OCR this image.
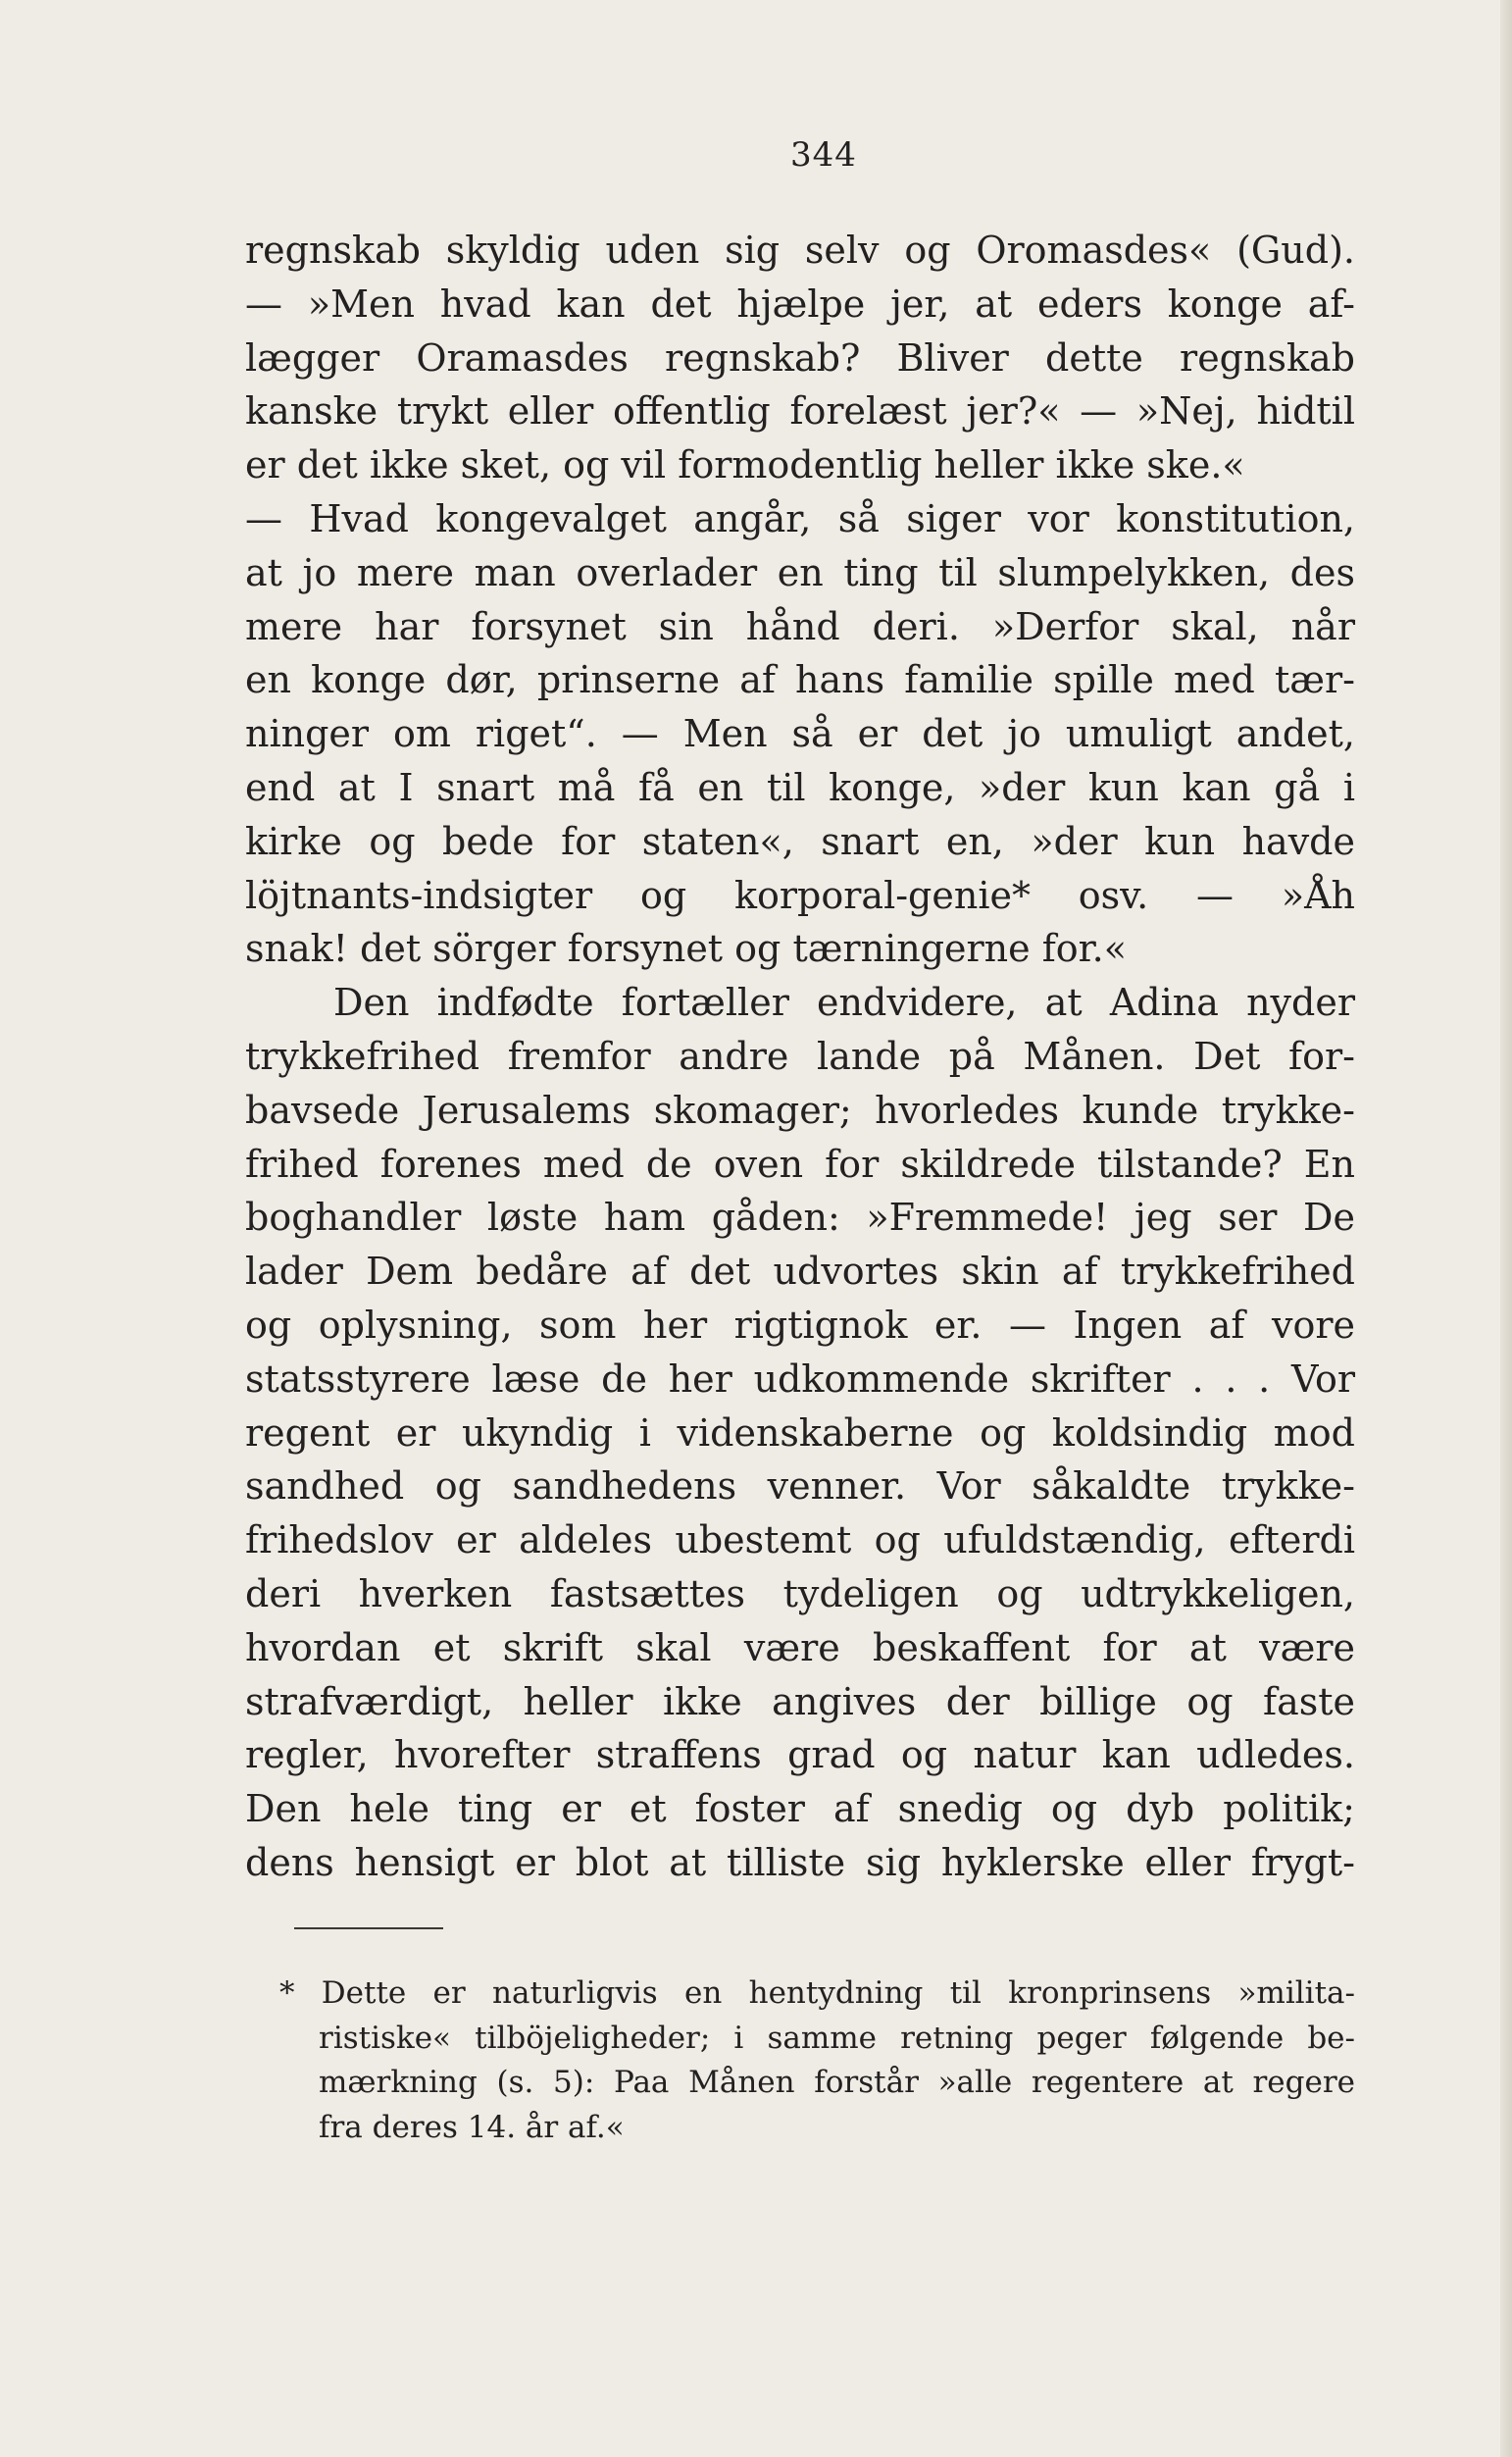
344
regnskab skyldig uden sig selv og Oromasdes« (Gud).
— »Men hvad kan det hjælpe jer, at eders konge af-
lægger Oramasdes regnskab? Bliver dette regnskab
kanske trykt eller offentlig forelæst jer?« — »Nej, hidtil
er det ikke sket, og vil formodentlig heller ikke ske.«
— Hvad kongevalget angår, så siger vor konstitution,
at jo mere man overlader en ting til slumpelykken, des
mere har forsynet sin hånd deri. »Derfor skal, når
en konge dør, prinserne af hans familie spille med tær-
ninger om riget“. — Men så er det jo umuligt andet,
end at I snart må få en til konge, »der kun kan gå i
kirke og bede for staten«, snart en, »der kun havde
löjtnants-indsigter og korporal-genie* osv. — »Åh
snak! det sörger forsynet og tærningerne for.«
Den indfødte fortæller endvidere, at Adina nyder
trykkefrihed fremfor andre lande på Månen. Det for-
bavsede Jerusalems skomager; hvorledes kunde trykke-
frihed forenes med de oven for skildrede tilstande? En
boghandler løste ham gåden: »Fremmede! jeg ser De
lader Dem bedåre af det udvortes skin af trykkefrihed
og oplysning, som her rigtignok er. — Ingen af vore
statsstyrere læse de her udkommende skrifter . . . Vor
regent er ukyndig i videnskaberne og koldsindig mod
sandhed og sandhedens venner. Vor såkaldte trykke-
frihedslov er aldeles ubestemt og ufuldstændig, efterdi
deri hverken fastsættes tydeligen og udtrykkeligen,
hvordan et skrift skal være beskaffent for at være
strafværdigt, heller ikke angives der billige og faste
regler, hvorefter straffens grad og natur kan udledes.
Den hele ting er et foster af snedig og dyb politik;
dens hensigt er blot at tilliste sig hyklerske eller frygt-
* Dette er naturligvis en hentydning til kronprinsens »milita-
ristiske« tilböjeligheder; i samme retning peger følgende be-
mærkning (s. 5): Paa Månen forstår »alle regentere at regere
fra deres 14. år af.«
